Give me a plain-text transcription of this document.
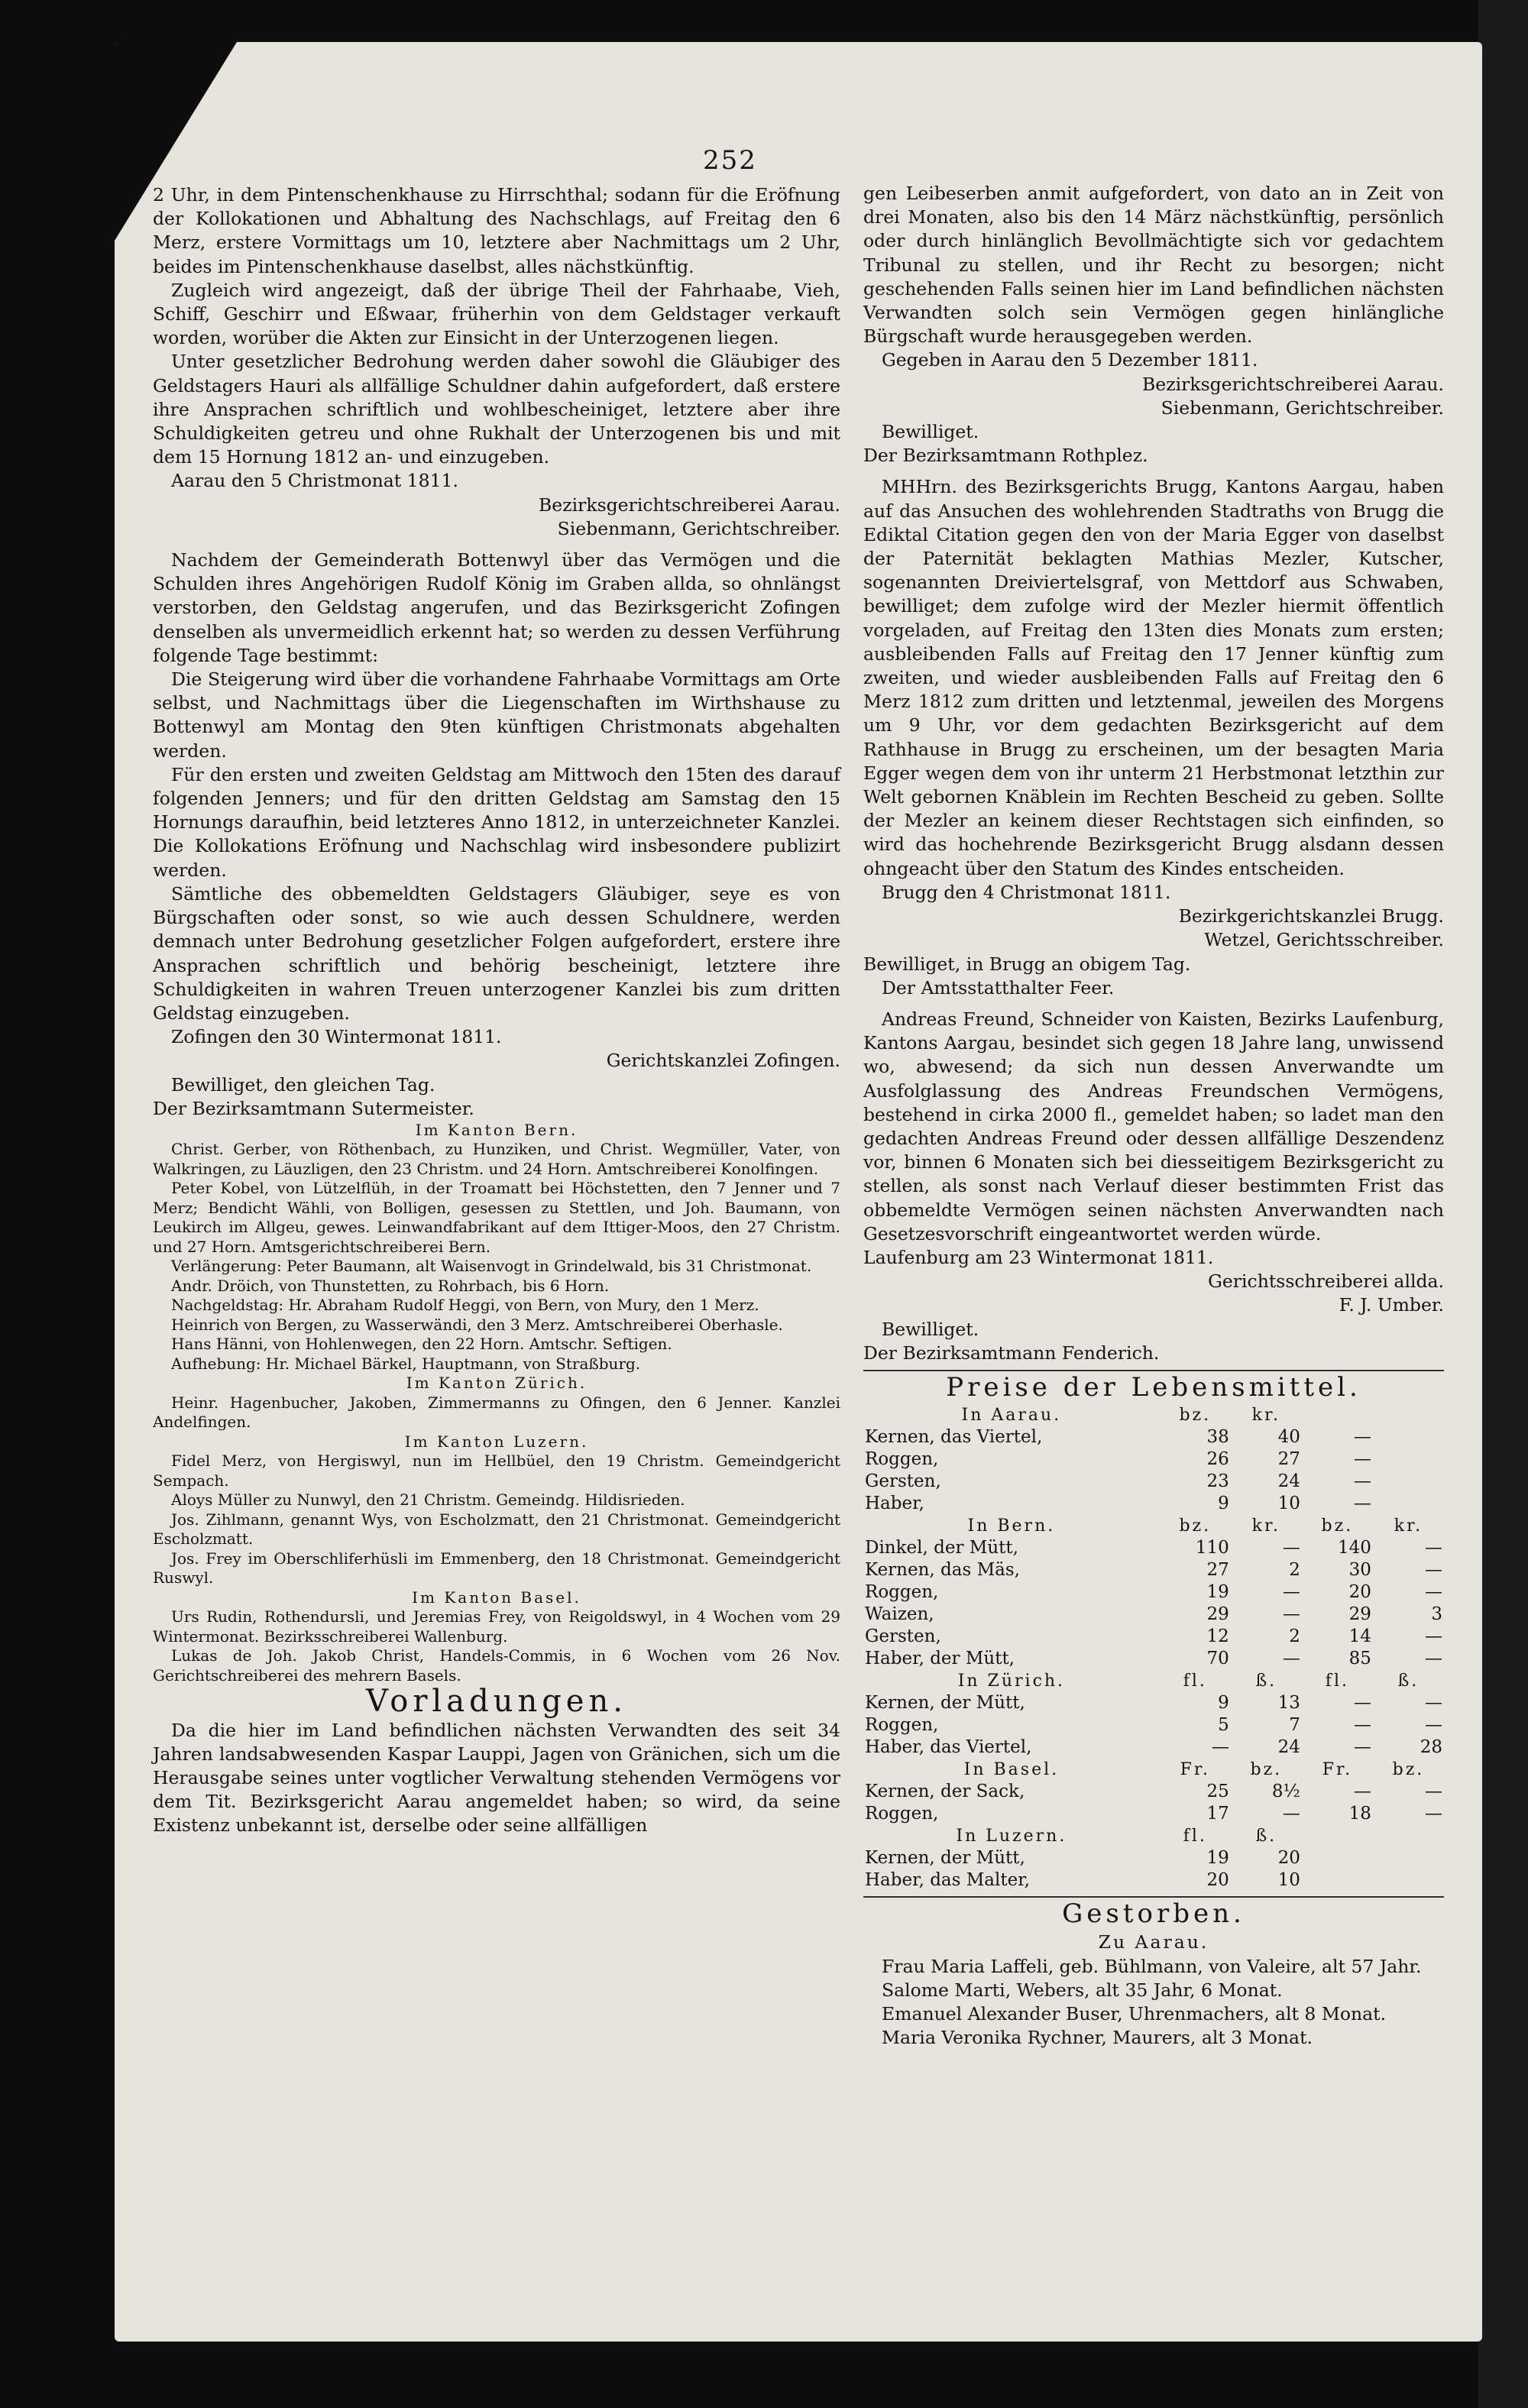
252

2 Uhr, in dem Pintenschenkhause zu Hirrschthal; sodann für die Eröfnung der Kollokationen und Abhaltung des Nachschlags, auf Freitag den 6 Merz, erstere Vormittags um 10, letztere aber Nachmittags um 2 Uhr, beides im Pintenschenkhause daselbst, alles nächstkünftig.

Zugleich wird angezeigt, daß der übrige Theil der Fahrhaabe, Vieh, Schiff, Geschirr und Eßwaar, früherhin von dem Geldstager verkauft worden, worüber die Akten zur Einsicht in der Unterzogenen liegen.

Unter gesetzlicher Bedrohung werden daher sowohl die Gläubiger des Geldstagers Hauri als allfällige Schuldner dahin aufgefordert, daß erstere ihre Ansprachen schriftlich und wohlbescheiniget, letztere aber ihre Schuldigkeiten getreu und ohne Rukhalt der Unterzogenen bis und mit dem 15 Hornung 1812 an- und einzugeben.

Aarau den 5 Christmonat 1811.

Bezirksgerichtschreiberei Aarau.

Siebenmann, Gerichtschreiber.

Nachdem der Gemeinderath Bottenwyl über das Vermögen und die Schulden ihres Angehörigen Rudolf König im Graben allda, so ohnlängst verstorben, den Geldstag angerufen, und das Bezirksgericht Zofingen denselben als unvermeidlich erkennt hat; so werden zu dessen Verführung folgende Tage bestimmt:

Die Steigerung wird über die vorhandene Fahrhaabe Vormittags am Orte selbst, und Nachmittags über die Liegenschaften im Wirthshause zu Bottenwyl am Montag den 9ten künftigen Christmonats abgehalten werden.

Für den ersten und zweiten Geldstag am Mittwoch den 15ten des darauf folgenden Jenners; und für den dritten Geldstag am Samstag den 15 Hornungs daraufhin, beid letzteres Anno 1812, in unterzeichneter Kanzlei. Die Kollokations Eröfnung und Nachschlag wird insbesondere publizirt werden.

Sämtliche des obbemeldten Geldstagers Gläubiger, seye es von Bürgschaften oder sonst, so wie auch dessen Schuldnere, werden demnach unter Bedrohung gesetzlicher Folgen aufgefordert, erstere ihre Ansprachen schriftlich und behörig bescheinigt, letztere ihre Schuldigkeiten in wahren Treuen unterzogener Kanzlei bis zum dritten Geldstag einzugeben.

Zofingen den 30 Wintermonat 1811.

Gerichtskanzlei Zofingen.

Bewilliget, den gleichen Tag.

Der Bezirksamtmann Sutermeister.

Im Kanton Bern.

Christ. Gerber, von Röthenbach, zu Hunziken, und Christ. Wegmüller, Vater, von Walkringen, zu Läuzligen, den 23 Christm. und 24 Horn. Amtschreiberei Konolfingen.

Peter Kobel, von Lützelflüh, in der Troamatt bei Höchstetten, den 7 Jenner und 7 Merz; Bendicht Wähli, von Bolligen, gesessen zu Stettlen, und Joh. Baumann, von Leukirch im Allgeu, gewes. Leinwandfabrikant auf dem Ittiger-Moos, den 27 Christm. und 27 Horn. Amtsgerichtschreiberei Bern.

Verlängerung: Peter Baumann, alt Waisenvogt in Grindelwald, bis 31 Christmonat.

Andr. Dröich, von Thunstetten, zu Rohrbach, bis 6 Horn.

Nachgeldstag: Hr. Abraham Rudolf Heggi, von Bern, von Mury, den 1 Merz.

Heinrich von Bergen, zu Wasserwändi, den 3 Merz. Amtschreiberei Oberhasle.

Hans Hänni, von Hohlenwegen, den 22 Horn. Amtschr. Seftigen.

Aufhebung: Hr. Michael Bärkel, Hauptmann, von Straßburg.

Im Kanton Zürich.

Heinr. Hagenbucher, Jakoben, Zimmermanns zu Ofingen, den 6 Jenner. Kanzlei Andelfingen.

Im Kanton Luzern.

Fidel Merz, von Hergiswyl, nun im Hellbüel, den 19 Christm. Gemeindgericht Sempach.

Aloys Müller zu Nunwyl, den 21 Christm. Gemeindg. Hildisrieden.

Jos. Zihlmann, genannt Wys, von Escholzmatt, den 21 Christmonat. Gemeindgericht Escholzmatt.

Jos. Frey im Oberschliferhüsli im Emmenberg, den 18 Christmonat. Gemeindgericht Ruswyl.

Im Kanton Basel.

Urs Rudin, Rothendursli, und Jeremias Frey, von Reigoldswyl, in 4 Wochen vom 29 Wintermonat. Bezirksschreiberei Wallenburg.

Lukas de Joh. Jakob Christ, Handels-Commis, in 6 Wochen vom 26 Nov. Gerichtschreiberei des mehrern Basels.

Vorladungen.

Da die hier im Land befindlichen nächsten Verwandten des seit 34 Jahren landsabwesenden Kaspar Lauppi, Jagen von Gränichen, sich um die Herausgabe seines unter vogtlicher Verwaltung stehenden Vermögens vor dem Tit. Bezirksgericht Aarau angemeldet haben; so wird, da seine Existenz unbekannt ist, derselbe oder seine allfälligen

gen Leibeserben anmit aufgefordert, von dato an in Zeit von drei Monaten, also bis den 14 März nächstkünftig, persönlich oder durch hinlänglich Bevollmächtigte sich vor gedachtem Tribunal zu stellen, und ihr Recht zu besorgen; nicht geschehenden Falls seinen hier im Land befindlichen nächsten Verwandten solch sein Vermögen gegen hinlängliche Bürgschaft wurde herausgegeben werden.

Gegeben in Aarau den 5 Dezember 1811.

Bezirksgerichtschreiberei Aarau.

Siebenmann, Gerichtschreiber.

Bewilliget.

Der Bezirksamtmann Rothplez.

MHHrn. des Bezirksgerichts Brugg, Kantons Aargau, haben auf das Ansuchen des wohlehrenden Stadtraths von Brugg die Ediktal Citation gegen den von der Maria Egger von daselbst der Paternität beklagten Mathias Mezler, Kutscher, sogenannten Dreiviertelsgraf, von Mettdorf aus Schwaben, bewilliget; dem zufolge wird der Mezler hiermit öffentlich vorgeladen, auf Freitag den 13ten dies Monats zum ersten; ausbleibenden Falls auf Freitag den 17 Jenner künftig zum zweiten, und wieder ausbleibenden Falls auf Freitag den 6 Merz 1812 zum dritten und letztenmal, jeweilen des Morgens um 9 Uhr, vor dem gedachten Bezirksgericht auf dem Rathhause in Brugg zu erscheinen, um der besagten Maria Egger wegen dem von ihr unterm 21 Herbstmonat letzthin zur Welt gebornen Knäblein im Rechten Bescheid zu geben. Sollte der Mezler an keinem dieser Rechtstagen sich einfinden, so wird das hochehrende Bezirksgericht Brugg alsdann dessen ohngeacht über den Statum des Kindes entscheiden.

Brugg den 4 Christmonat 1811.

Bezirkgerichtskanzlei Brugg.

Wetzel, Gerichtsschreiber.

Bewilliget, in Brugg an obigem Tag.

Der Amtsstatthalter Feer.

Andreas Freund, Schneider von Kaisten, Bezirks Laufenburg, Kantons Aargau, besindet sich gegen 18 Jahre lang, unwissend wo, abwesend; da sich nun dessen Anverwandte um Ausfolglassung des Andreas Freundschen Vermögens, bestehend in cirka 2000 fl., gemeldet haben; so ladet man den gedachten Andreas Freund oder dessen allfällige Deszendenz vor, binnen 6 Monaten sich bei diesseitigem Bezirksgericht zu stellen, als sonst nach Verlauf dieser bestimmten Frist das obbemeldte Vermögen seinen nächsten Anverwandten nach Gesetzesvorschrift eingeantwortet werden würde.

Laufenburg am 23 Wintermonat 1811.

Gerichtsschreiberei allda.

F. J. Umber.

Bewilliget.

Der Bezirksamtmann Fenderich.

Preise der Lebensmittel.
In Aarau.	bz.	kr.		
Kernen, das Viertel,	38	40	—	
Roggen,	26	27	—	
Gersten,	23	24	—	
Haber,	9	10	—	
In Bern.	bz.	kr.	bz.	kr.
Dinkel, der Mütt,	110	—	140	—
Kernen, das Mäs,	27	2	30	—
Roggen,	19	—	20	—
Waizen,	29	—	29	3
Gersten,	12	2	14	—
Haber, der Mütt,	70	—	85	—
In Zürich.	fl.	ß.	fl.	ß.
Kernen, der Mütt,	9	13	—	—
Roggen,	5	7	—	—
Haber, das Viertel,	—	24	—	28
In Basel.	Fr.	bz.	Fr.	bz.
Kernen, der Sack,	25	8½	—	—
Roggen,	17	—	18	—
In Luzern.	fl.	ß.		
Kernen, der Mütt,	19	20		
Haber, das Malter,	20	10		
Gestorben.

Zu Aarau.

Frau Maria Laffeli, geb. Bühlmann, von Valeire, alt 57 Jahr.

Salome Marti, Webers, alt 35 Jahr, 6 Monat.

Emanuel Alexander Buser, Uhrenmachers, alt 8 Monat.

Maria Veronika Rychner, Maurers, alt 3 Monat.
